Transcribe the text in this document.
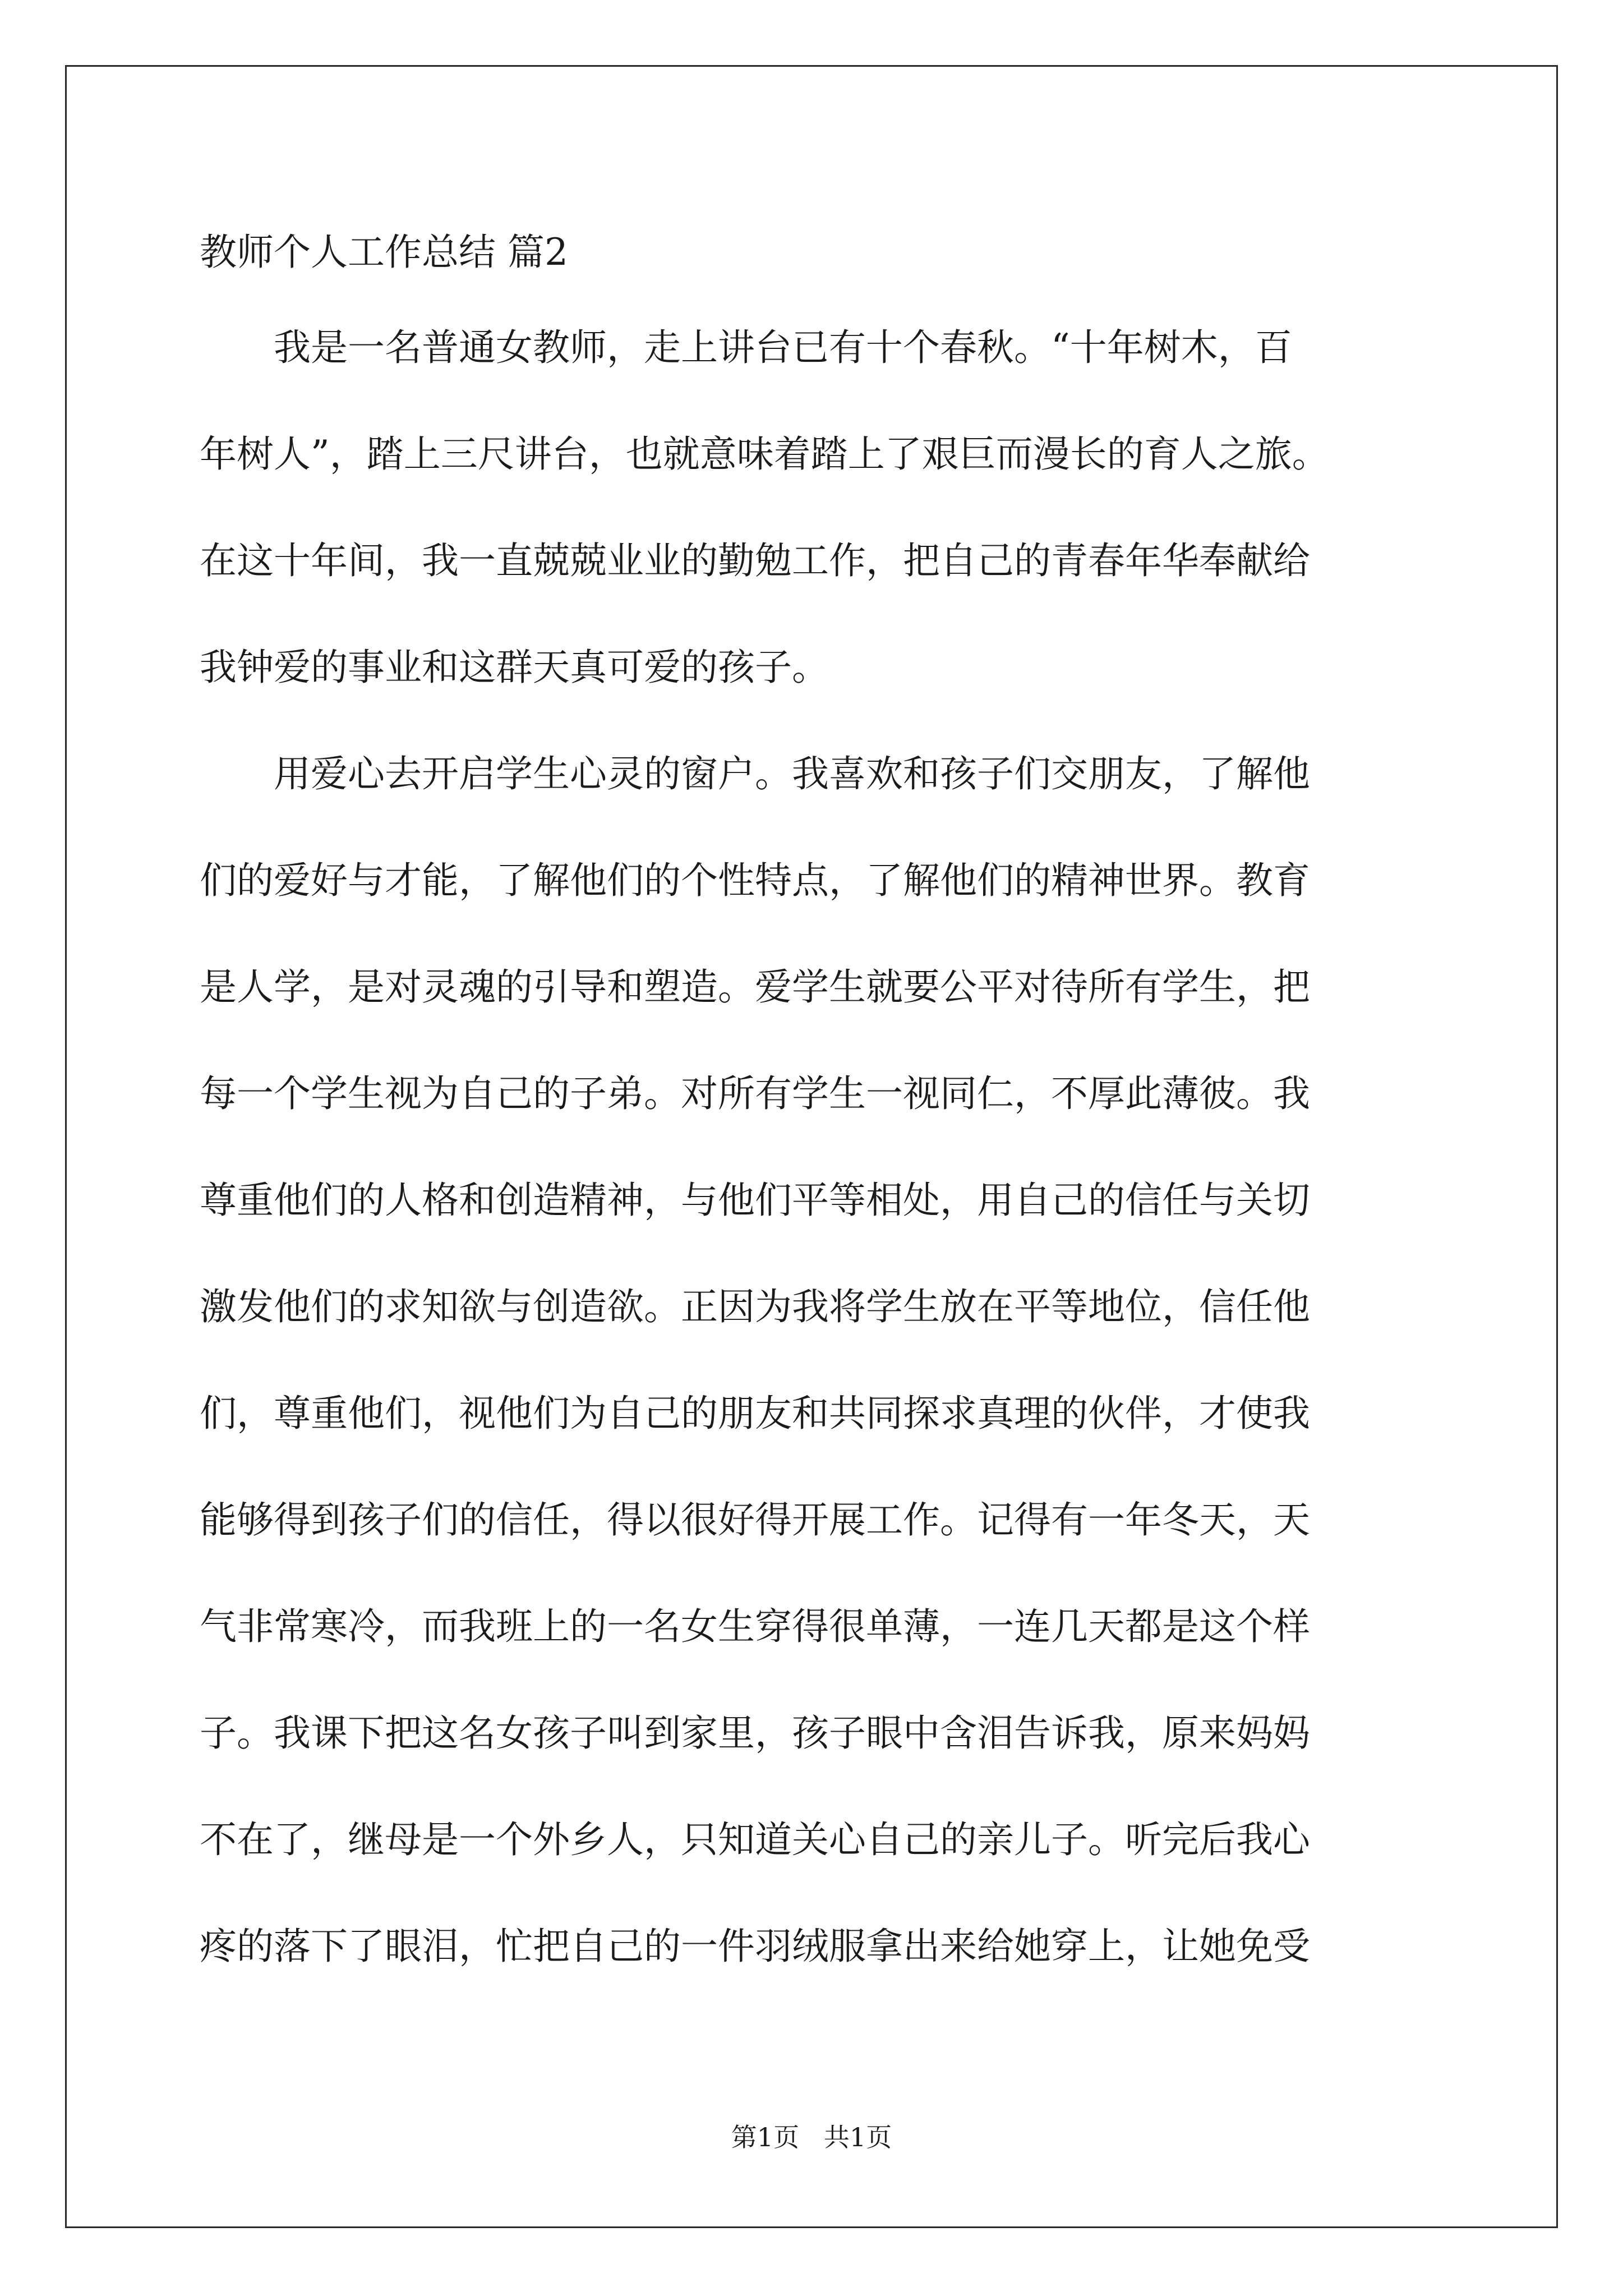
教师个人工作总结 篇2

　　我是一名普通女教师，走上讲台已有十个春秋。“十年树木，百

年树人”，踏上三尺讲台，也就意味着踏上了艰巨而漫长的育人之旅。

在这十年间，我一直兢兢业业的勤勉工作，把自己的青春年华奉献给

我钟爱的事业和这群天真可爱的孩子。

　　用爱心去开启学生心灵的窗户。我喜欢和孩子们交朋友，了解他

们的爱好与才能，了解他们的个性特点，了解他们的精神世界。教育

是人学，是对灵魂的引导和塑造。爱学生就要公平对待所有学生，把

每一个学生视为自己的子弟。对所有学生一视同仁，不厚此薄彼。我

尊重他们的人格和创造精神，与他们平等相处，用自己的信任与关切

激发他们的求知欲与创造欲。正因为我将学生放在平等地位，信任他

们，尊重他们，视他们为自己的朋友和共同探求真理的伙伴，才使我

能够得到孩子们的信任，得以很好得开展工作。记得有一年冬天，天

气非常寒冷，而我班上的一名女生穿得很单薄，一连几天都是这个样

子。我课下把这名女孩子叫到家里，孩子眼中含泪告诉我，原来妈妈

不在了，继母是一个外乡人，只知道关心自己的亲儿子。听完后我心

疼的落下了眼泪，忙把自己的一件羽绒服拿出来给她穿上，让她免受

第1页   共1页
